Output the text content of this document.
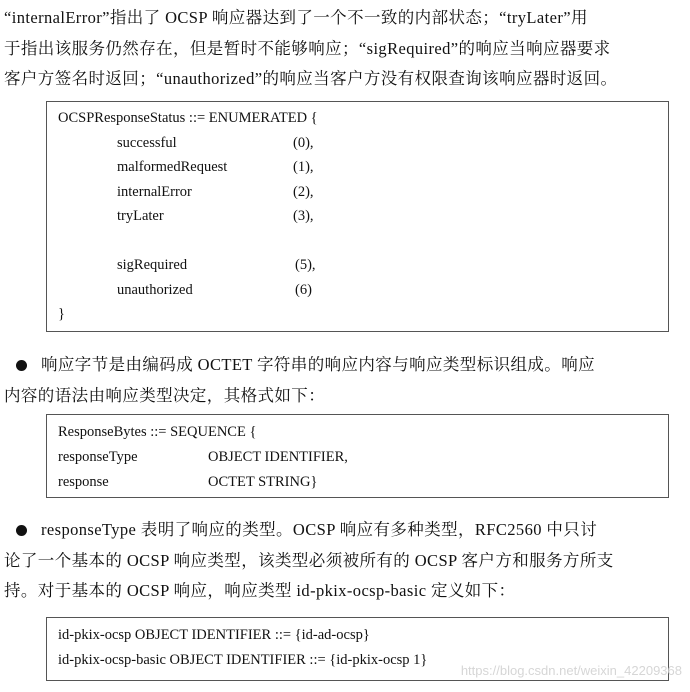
“internalError”指出了 OCSP 响应器达到了一个不一致的内部状态；“tryLater”用
于指出该服务仍然存在，但是暂时不能够响应；“sigRequired”的响应当响应器要求
客户方签名时返回；“unauthorized”的响应当客户方没有权限查询该响应器时返回。
OCSPResponseStatus ::= ENUMERATED {
successful	(0),
malformedRequest	(1),
internalError	(2),
tryLater	(3),
sigRequired	(5),
unauthorized	(6)
}
响应字节是由编码成 OCTET 字符串的响应内容与响应类型标识组成。响应
内容的语法由响应类型决定，其格式如下：
ResponseBytes ::= SEQUENCE {
responseType	OBJECT IDENTIFIER,
response	OCTET STRING}
responseType 表明了响应的类型。OCSP 响应有多种类型，RFC2560 中只讨
论了一个基本的 OCSP 响应类型，该类型必须被所有的 OCSP 客户方和服务方所支
持。对于基本的 OCSP 响应，响应类型 id-pkix-ocsp-basic 定义如下：
id-pkix-ocsp OBJECT IDENTIFIER ::= {id-ad-ocsp}
id-pkix-ocsp-basic OBJECT IDENTIFIER ::= {id-pkix-ocsp 1}
https://blog.csdn.net/weixin_42209368
